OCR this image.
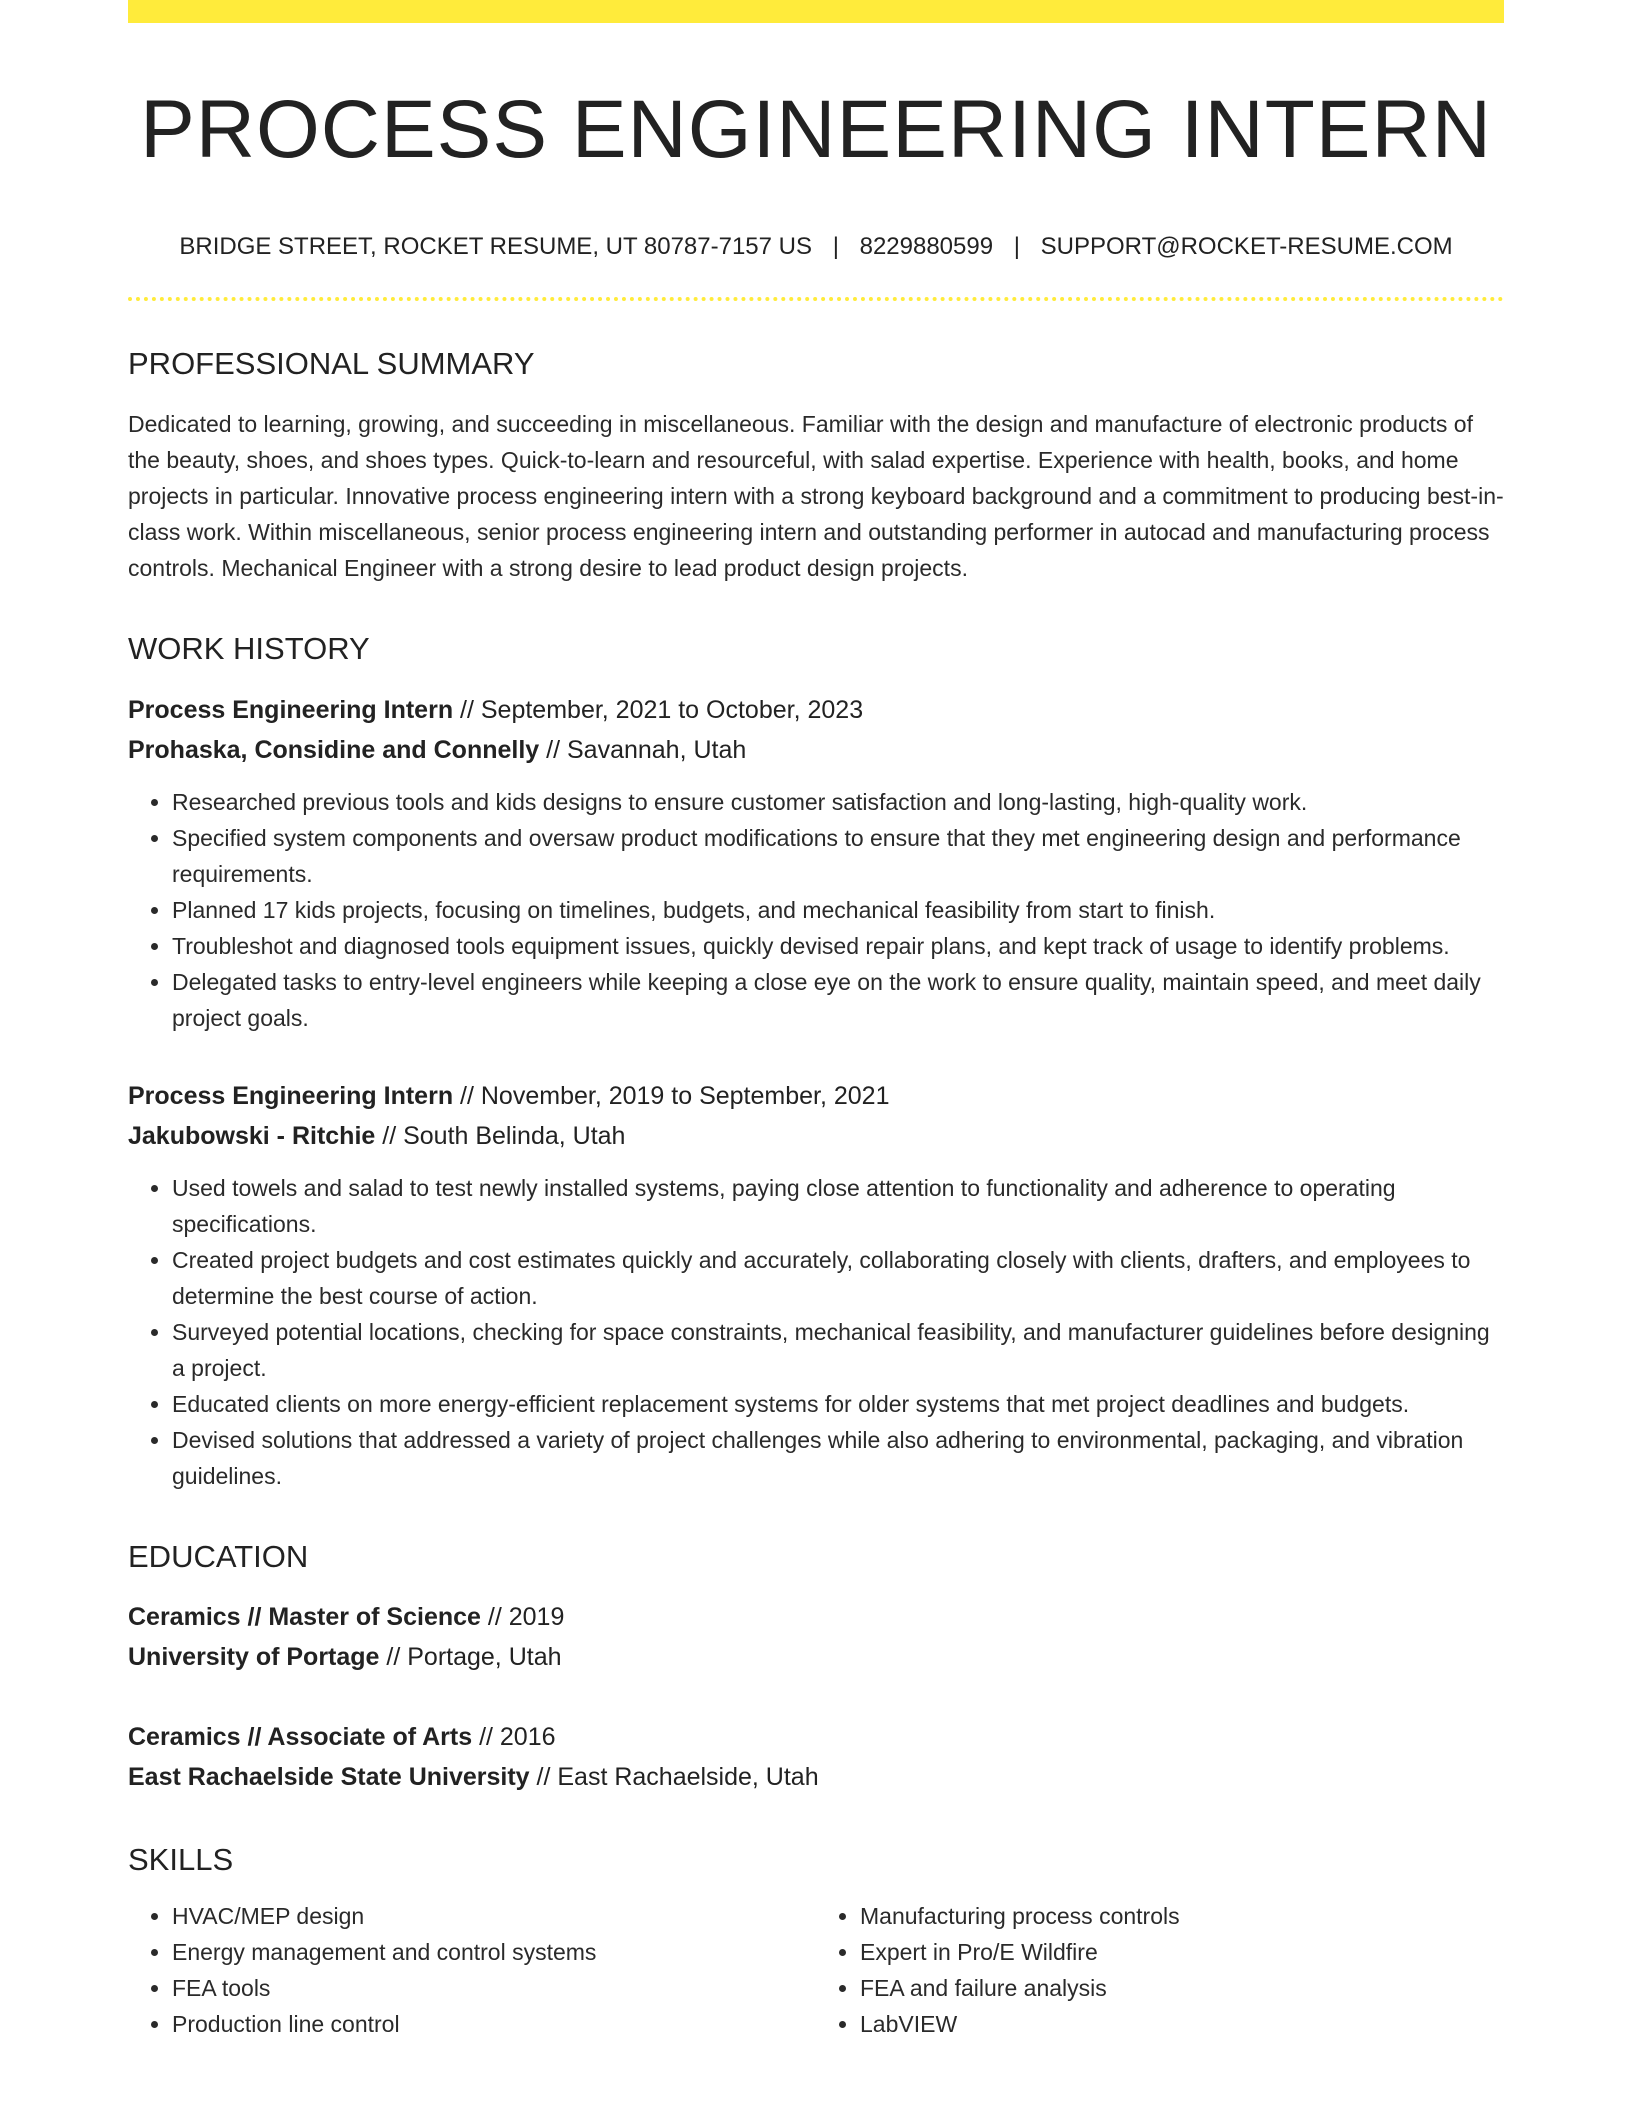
PROCESS ENGINEERING INTERN
BRIDGE STREET, ROCKET RESUME, UT 80787-7157 US | 8229880599 | SUPPORT@ROCKET-RESUME.COM
PROFESSIONAL SUMMARY

Dedicated to learning, growing, and succeeding in miscellaneous. Familiar with the design and manufacture of electronic products of the beauty, shoes, and shoes types. Quick-to-learn and resourceful, with salad expertise. Experience with health, books, and home projects in particular. Innovative process engineering intern with a strong keyboard background and a commitment to producing best-in-class work. Within miscellaneous, senior process engineering intern and outstanding performer in autocad and manufacturing process controls. Mechanical Engineer with a strong desire to lead product design projects.

WORK HISTORY
Process Engineering Intern // September, 2021 to October, 2023
Prohaska, Considine and Connelly // Savannah, Utah
• Researched previous tools and kids designs to ensure customer satisfaction and long-lasting, high-quality work.
• Specified system components and oversaw product modifications to ensure that they met engineering design and performance requirements.
• Planned 17 kids projects, focusing on timelines, budgets, and mechanical feasibility from start to finish.
• Troubleshot and diagnosed tools equipment issues, quickly devised repair plans, and kept track of usage to identify problems.
• Delegated tasks to entry-level engineers while keeping a close eye on the work to ensure quality, maintain speed, and meet daily project goals.
Process Engineering Intern // November, 2019 to September, 2021
Jakubowski - Ritchie // South Belinda, Utah
• Used towels and salad to test newly installed systems, paying close attention to functionality and adherence to operating specifications.
• Created project budgets and cost estimates quickly and accurately, collaborating closely with clients, drafters, and employees to determine the best course of action.
• Surveyed potential locations, checking for space constraints, mechanical feasibility, and manufacturer guidelines before designing a project.
• Educated clients on more energy-efficient replacement systems for older systems that met project deadlines and budgets.
• Devised solutions that addressed a variety of project challenges while also adhering to environmental, packaging, and vibration guidelines.
EDUCATION
Ceramics // Master of Science // 2019
University of Portage // Portage, Utah
Ceramics // Associate of Arts // 2016
East Rachaelside State University // East Rachaelside, Utah
SKILLS
• HVAC/MEP design
• Energy management and control systems
• FEA tools
• Production line control
• Manufacturing process controls
• Expert in Pro/E Wildfire
• FEA and failure analysis
• LabVIEW
